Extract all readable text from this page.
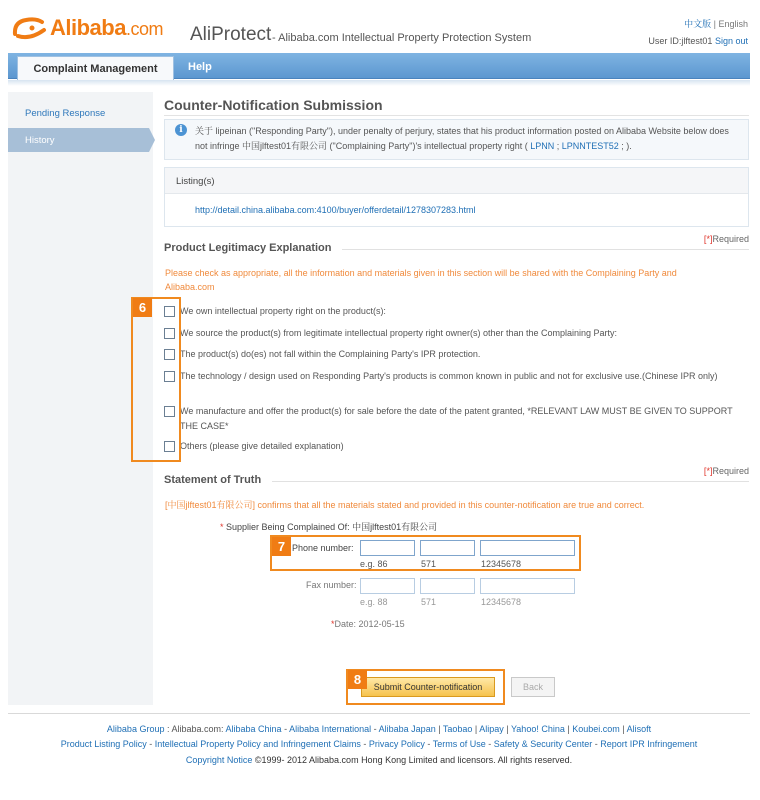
Alibaba.com AliProtect - Alibaba.com Intellectual Property Protection System
中文版 | English
User ID:jlftest01 Sign out
Complaint Management	Help
Pending Response
History
Counter-Notification Submission
i	关于 lipeinan ("Responding Party"), under penalty of perjury, states that his product information posted on Alibaba Website below does not infringe 中国jlftest01有限公司 ("Complaining Party")'s intellectual property right ( LPNN ; LPNNTEST52 ; ).
Listing(s)
http://detail.china.alibaba.com:4100/buyer/offerdetail/1278307283.html
[*]Required
Product Legitimacy Explanation
Please check as appropriate, all the information and materials given in this section will be shared with the Complaining Party and Alibaba.com
We own intellectual property right on the product(s):
We source the product(s) from legitimate intellectual property right owner(s) other than the Complaining Party:
The product(s) do(es) not fall within the Complaining Party's IPR protection.
The technology / design used on Responding Party's products is common known in public and not for exclusive use.(Chinese IPR only)
We manufacture and offer the product(s) for sale before the date of the patent granted, *RELEVANT LAW MUST BE GIVEN TO SUPPORT THE CASE*
Others (please give detailed explanation)
6
[*]Required
Statement of Truth
[中国jlftest01有限公司] confirms that all the materials stated and provided in this counter-notification are true and correct.
* Supplier Being Complained Of: 中国jlftest01有限公司
Phone number:
e.g. 86	571	12345678
7
Fax number:
e.g. 88	571	12345678
*Date: 2012-05-15
Submit Counter-notification	Back
8
Alibaba Group : Alibaba.com: Alibaba China - Alibaba International - Alibaba Japan | Taobao | Alipay | Yahoo! China | Koubei.com | Alisoft
Product Listing Policy - Intellectual Property Policy and Infringement Claims - Privacy Policy - Terms of Use - Safety & Security Center - Report IPR Infringement
Copyright Notice ©1999- 2012 Alibaba.com Hong Kong Limited and licensors. All rights reserved.
